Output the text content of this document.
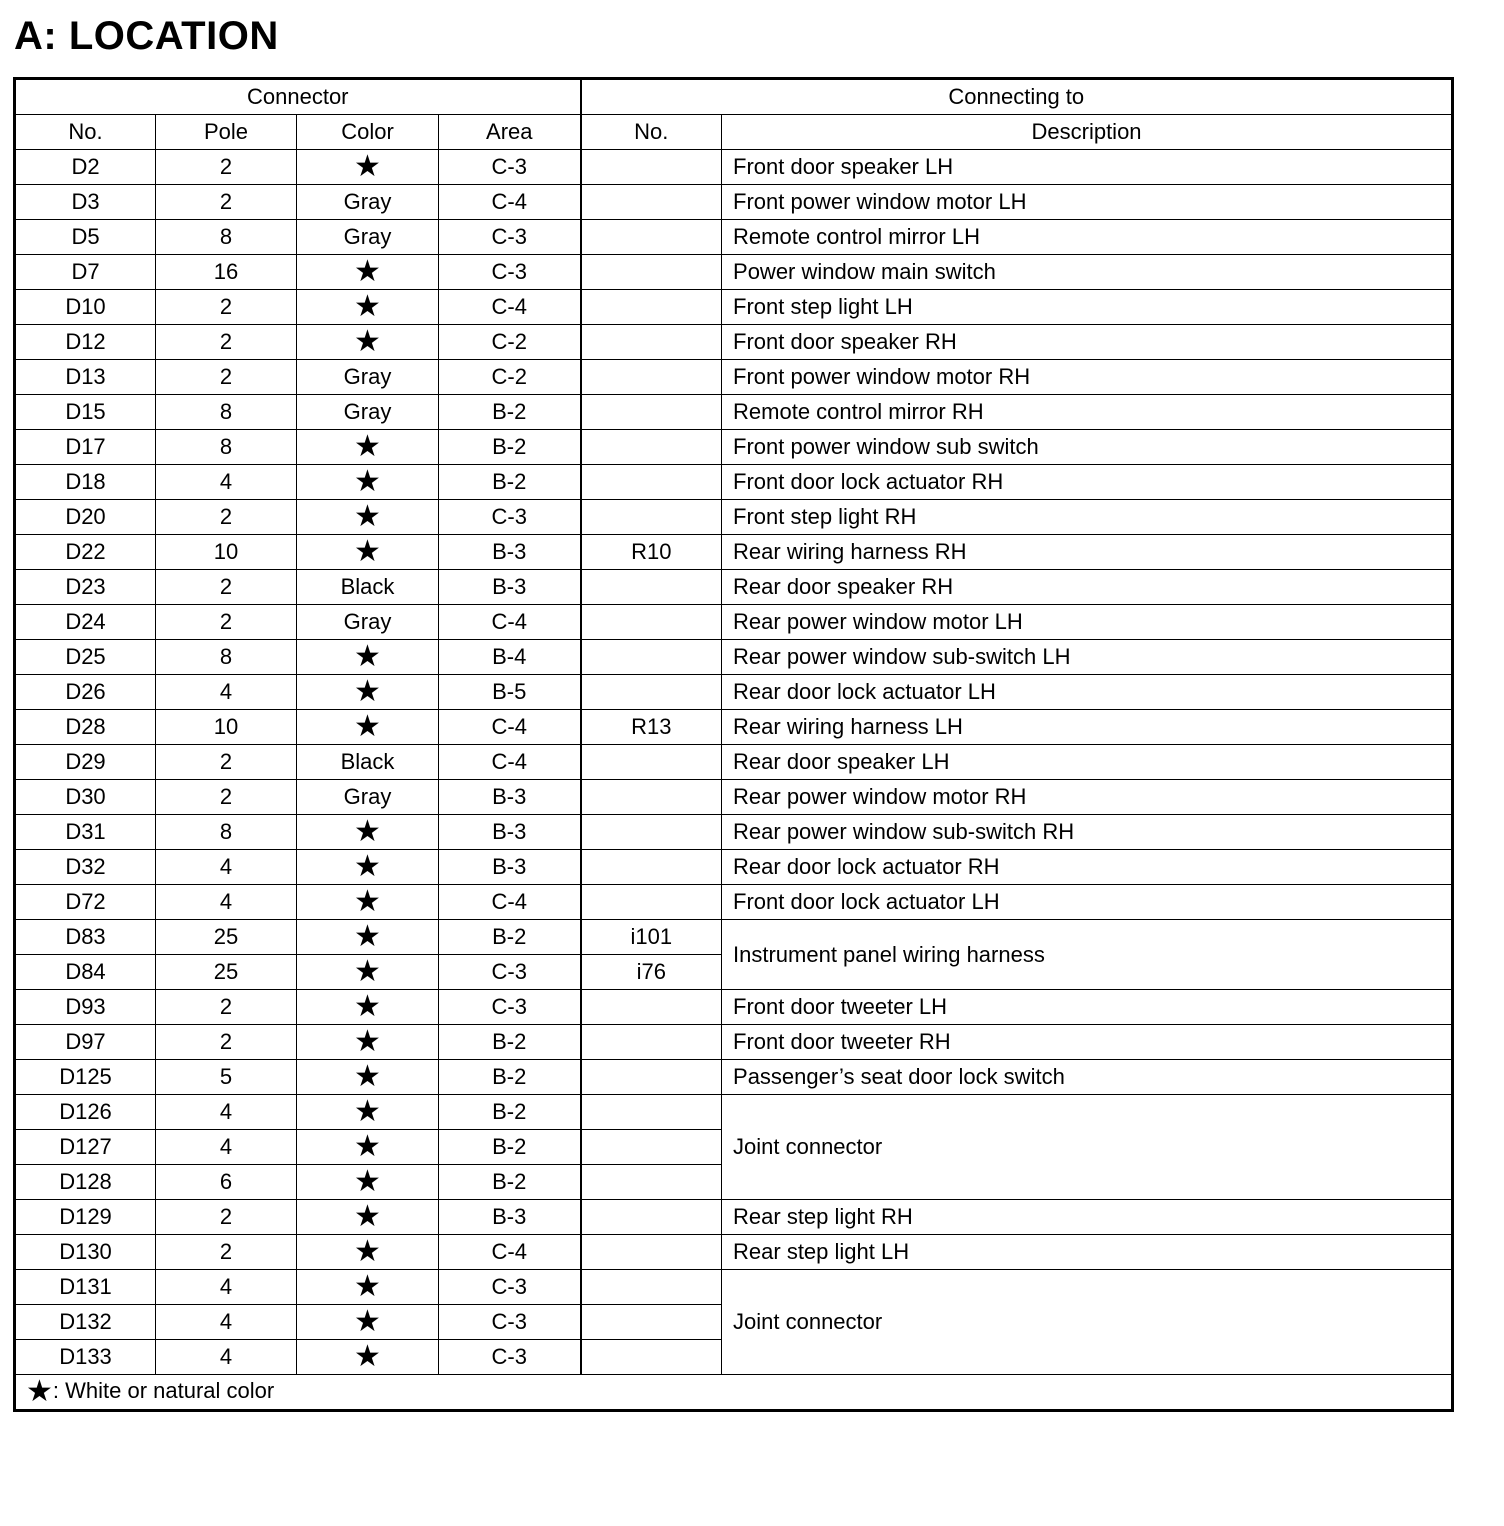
A: LOCATION
Connector				Connecting to	
No.	Pole	Color	Area	No.	Description
D2	2	★	C-3		Front door speaker LH
D3	2	Gray	C-4		Front power window motor LH
D5	8	Gray	C-3		Remote control mirror LH
D7	16	★	C-3		Power window main switch
D10	2	★	C-4		Front step light LH
D12	2	★	C-2		Front door speaker RH
D13	2	Gray	C-2		Front power window motor RH
D15	8	Gray	B-2		Remote control mirror RH
D17	8	★	B-2		Front power window sub switch
D18	4	★	B-2		Front door lock actuator RH
D20	2	★	C-3		Front step light RH
D22	10	★	B-3	R10	Rear wiring harness RH
D23	2	Black	B-3		Rear door speaker RH
D24	2	Gray	C-4		Rear power window motor LH
D25	8	★	B-4		Rear power window sub-switch LH
D26	4	★	B-5		Rear door lock actuator LH
D28	10	★	C-4	R13	Rear wiring harness LH
D29	2	Black	C-4		Rear door speaker LH
D30	2	Gray	B-3		Rear power window motor RH
D31	8	★	B-3		Rear power window sub-switch RH
D32	4	★	B-3		Rear door lock actuator RH
D72	4	★	C-4		Front door lock actuator LH
D83	25	★	B-2	i101	Instrument panel wiring harness
D84	25	★	C-3	i76	
D93	2	★	C-3		Front door tweeter LH
D97	2	★	B-2		Front door tweeter RH
D125	5	★	B-2		Passenger’s seat door lock switch
D126	4	★	B-2		Joint connector
D127	4	★	B-2		
D128	6	★	B-2		
D129	2	★	B-3		Rear step light RH
D130	2	★	C-4		Rear step light LH
D131	4	★	C-3		Joint connector
D132	4	★	C-3		
D133	4	★	C-3		
★: White or natural color					
